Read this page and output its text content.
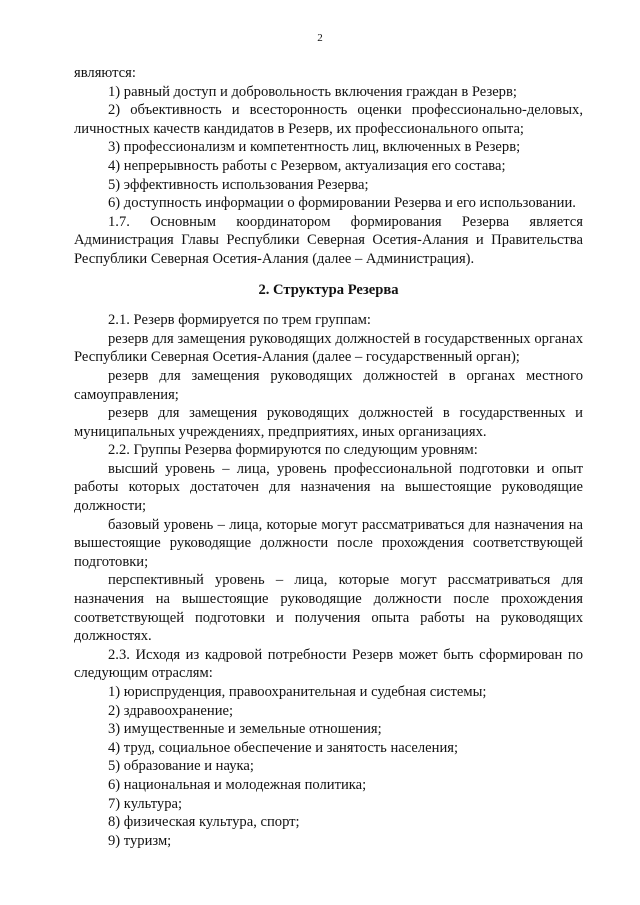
2

являются:

1) равный доступ и добровольность включения граждан в Резерв;

2) объективность и всесторонность оценки профессионально-деловых, личностных качеств кандидатов в Резерв, их профессионального опыта;

3) профессионализм и компетентность лиц, включенных в Резерв;

4) непрерывность работы с Резервом, актуализация его состава;

5) эффективность использования Резерва;

6) доступность информации о формировании Резерва и его использовании.

1.7. Основным координатором формирования Резерва является Администрация Главы Республики Северная Осетия-Алания и Правительства Республики Северная Осетия-Алания (далее – Администрация).

2. Структура Резерва

2.1. Резерв формируется по трем группам:

резерв для замещения руководящих должностей в государственных органах Республики Северная Осетия-Алания (далее – государственный орган);

резерв для замещения руководящих должностей в органах местного самоуправления;

резерв для замещения руководящих должностей в государственных и муниципальных учреждениях, предприятиях, иных организациях.

2.2. Группы Резерва формируются по следующим уровням:

высший уровень – лица, уровень профессиональной подготовки и опыт работы которых достаточен для назначения на вышестоящие руководящие должности;

базовый уровень – лица, которые могут рассматриваться для назначения на вышестоящие руководящие должности после прохождения соответствующей подготовки;

перспективный уровень – лица, которые могут рассматриваться для назначения на вышестоящие руководящие должности после прохождения соответствующей подготовки и получения опыта работы на руководящих должностях.

2.3. Исходя из кадровой потребности Резерв может быть сформирован по следующим отраслям:

1) юриспруденция, правоохранительная и судебная системы;

2) здравоохранение;

3) имущественные и земельные отношения;

4) труд, социальное обеспечение и занятость населения;

5) образование и наука;

6) национальная и молодежная политика;

7) культура;

8) физическая культура, спорт;

9) туризм;
